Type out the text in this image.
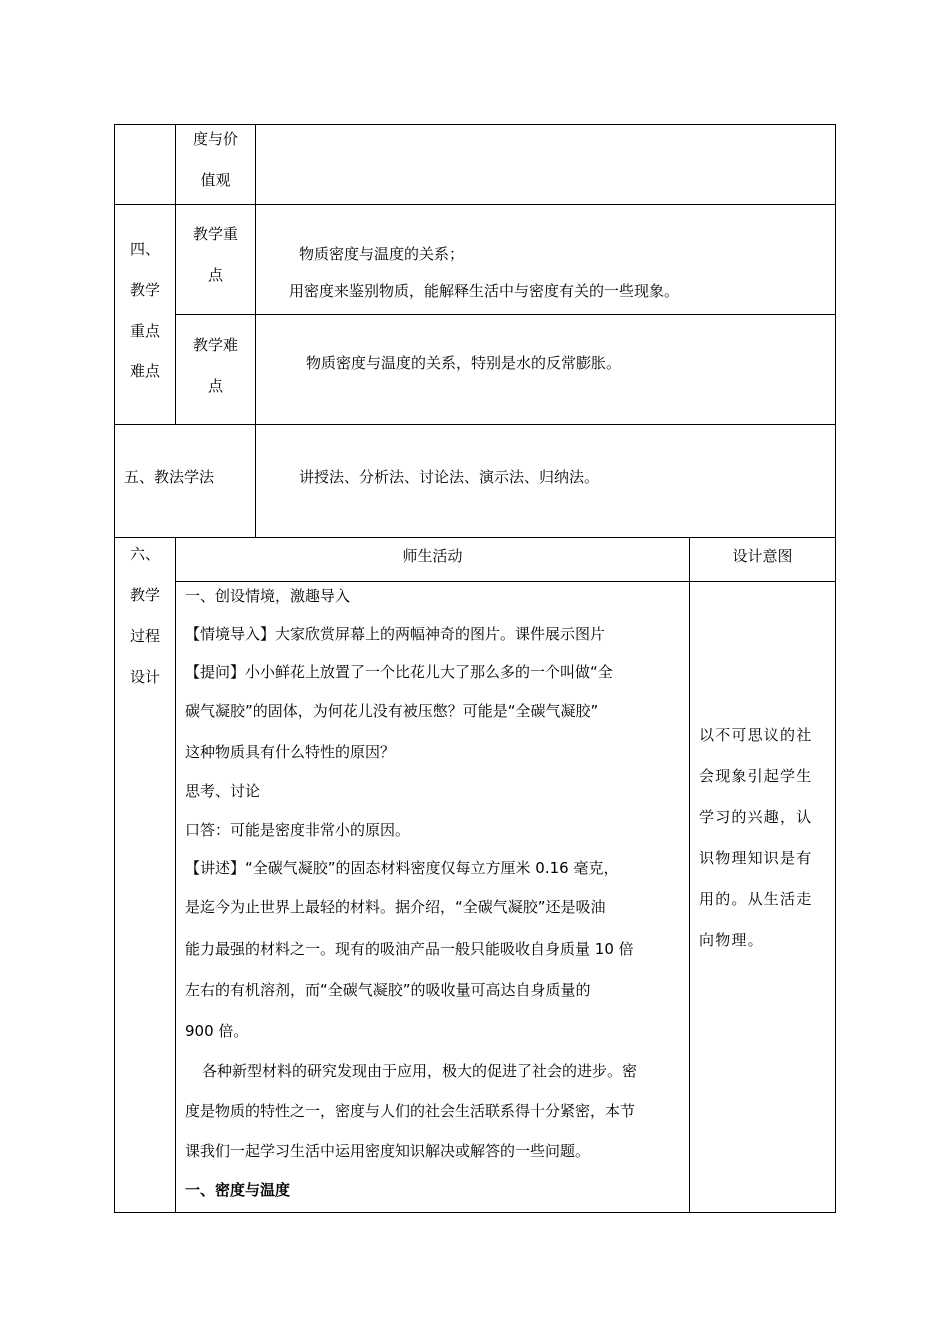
度与价
值观
四、
教学
重点
难点
教学重
点
物质密度与温度的关系；
用密度来鉴别物质，能解释生活中与密度有关的一些现象。
教学难
点
物质密度与温度的关系，特别是水的反常膨胀。
五、教法学法	讲授法、分析法、讨论法、演示法、归纳法。
六、
教学
过程
设计
师生活动	设计意图
一、创设情境，激趣导入
【情境导入】大家欣赏屏幕上的两幅神奇的图片。课件展示图片
【提问】小小鲜花上放置了一个比花儿大了那么多的一个叫做“全
碳气凝胶”的固体，为何花儿没有被压憋？可能是“全碳气凝胶”
这种物质具有什么特性的原因？
思考、讨论
口答：可能是密度非常小的原因。
【讲述】“全碳气凝胶”的固态材料密度仅每立方厘米 0.16 毫克，
是迄今为止世界上最轻的材料。据介绍，“全碳气凝胶”还是吸油
能力最强的材料之一。现有的吸油产品一般只能吸收自身质量 10 倍
左右的有机溶剂，而“全碳气凝胶”的吸收量可高达自身质量的
900 倍。
各种新型材料的研究发现由于应用，极大的促进了社会的进步。密
度是物质的特性之一，密度与人们的社会生活联系得十分紧密，本节
课我们一起学习生活中运用密度知识解决或解答的一些问题。
一、密度与温度
以不可思议的社
会现象引起学生
学习的兴趣，认
识物理知识是有
用的。从生活走
向物理。
